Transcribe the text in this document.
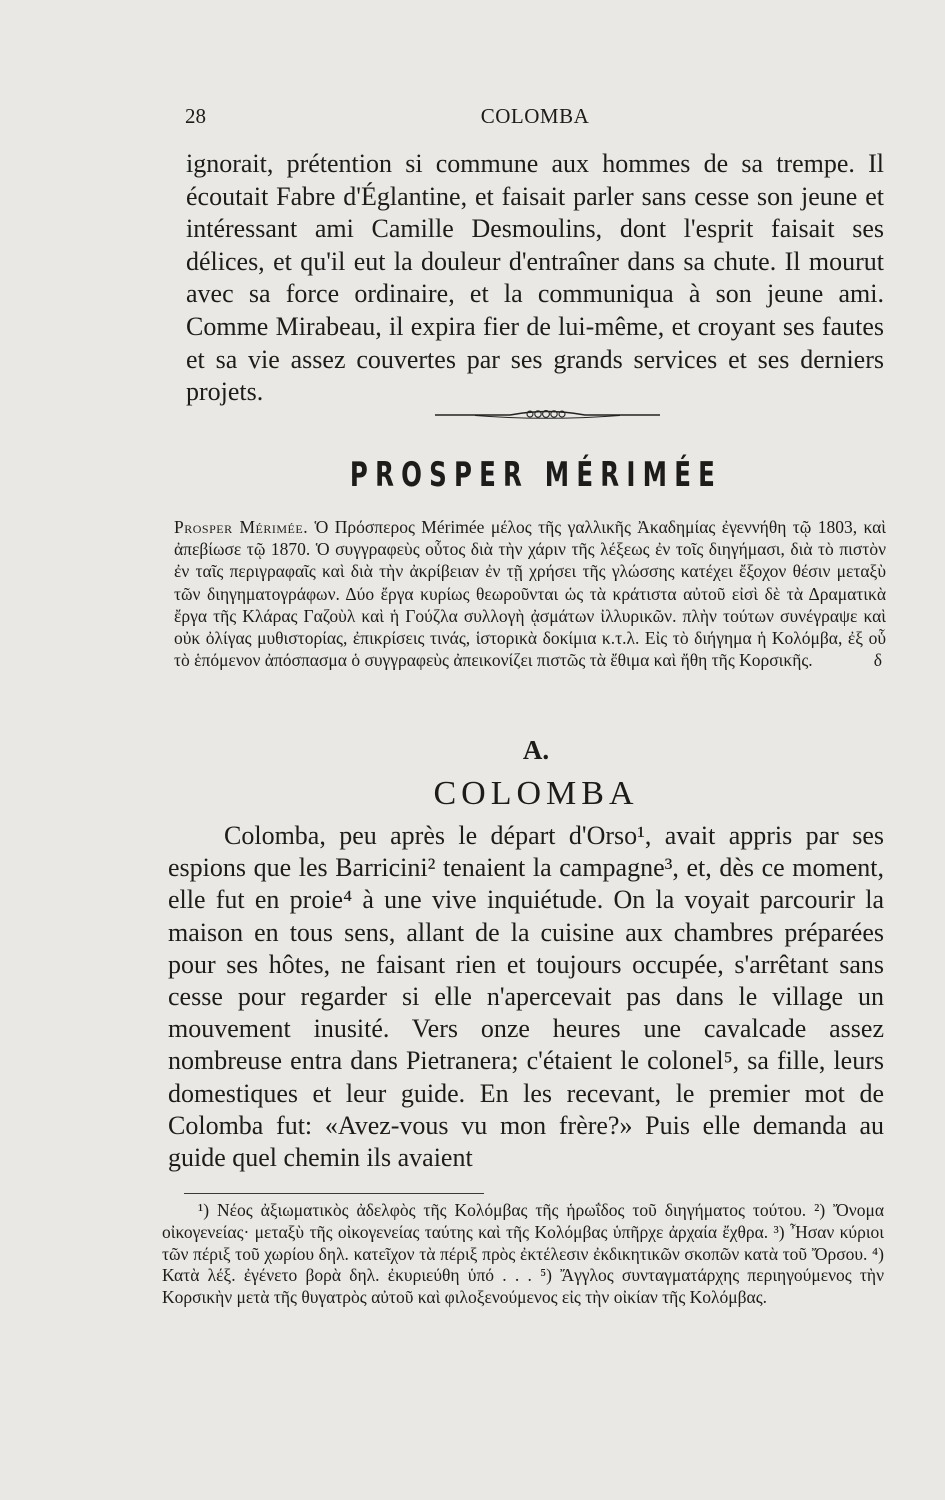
28	COLOMBA

ignorait, prétention si commune aux hommes de sa trempe. Il écoutait Fabre d'Églantine, et faisait parler sans cesse son jeune et intéressant ami Camille Desmoulins, dont l'esprit faisait ses délices, et qu'il eut la douleur d'entraîner dans sa chute. Il mourut avec sa force ordinaire, et la communiqua à son jeune ami. Comme Mirabeau, il expira fier de lui-même, et croyant ses fautes et sa vie assez couvertes par ses grands services et ses derniers projets.

PROSPER MÉRIMÉE

Prosper Mérimée. Ὁ Πρόσπερος Mérimée μέλος τῆς γαλλικῆς Ἀκαδημίας ἐγεννήθη τῷ 1803, καὶ ἀπεβίωσε τῷ 1870. Ὁ συγγραφεὺς οὗτος διὰ τὴν χάριν τῆς λέξεως ἐν τοῖς διηγήμασι, διὰ τὸ πιστὸν ἐν ταῖς περιγραφαῖς καὶ διὰ τὴν ἀκρίβειαν ἐν τῇ χρήσει τῆς γλώσσης κατέχει ἔξοχον θέσιν μεταξὺ τῶν διηγηματογράφων. Δύο ἔργα κυρίως θεωροῦνται ὡς τὰ κράτιστα αὐτοῦ εἰσὶ δὲ τὰ Δραματικὰ ἔργα τῆς Κλάρας Γαζοὺλ καὶ ἡ Γούζλα συλλογὴ ᾀσμάτων ἰλλυρικῶν. πλὴν τούτων συνέγραψε καὶ οὐκ ὀλίγας μυθιστορίας, ἐπικρίσεις τινάς, ἱστορικὰ δοκίμια κ.τ.λ. Εἰς τὸ διήγημα ἡ Κολόμβα, ἐξ οὗ τὸ ἑπόμενον ἀπόσπασμα ὁ συγγραφεὺς ἀπεικονίζει πιστῶς τὰ ἔθιμα καὶ ἤθη τῆς Κορσικῆς.	δ

A.
COLOMBA

Colomba, peu après le départ d'Orso¹, avait appris par ses espions que les Barricini² tenaient la campagne³, et, dès ce moment, elle fut en proie⁴ à une vive inquiétude. On la voyait parcourir la maison en tous sens, allant de la cuisine aux chambres préparées pour ses hôtes, ne faisant rien et toujours occupée, s'arrêtant sans cesse pour regarder si elle n'apercevait pas dans le village un mouvement inusité. Vers onze heures une cavalcade assez nombreuse entra dans Pietranera; c'étaient le colonel⁵, sa fille, leurs domestiques et leur guide. En les recevant, le premier mot de Colomba fut: «Avez-vous vu mon frère?» Puis elle demanda au guide quel chemin ils avaient

¹) Νέος ἀξιωματικὸς ἀδελφὸς τῆς Κολόμβας τῆς ἡρωΐδος τοῦ διηγήματος τούτου. ²) Ὄνομα οἰκογενείας· μεταξὺ τῆς οἰκογενείας ταύτης καὶ τῆς Κολόμβας ὑπῆρχε ἀρχαία ἔχθρα. ³) Ἦσαν κύριοι τῶν πέριξ τοῦ χωρίου δηλ. κατεῖχον τὰ πέριξ πρὸς ἐκτέλεσιν ἐκδικητικῶν σκοπῶν κατὰ τοῦ Ὄρσου. ⁴) Κατὰ λέξ. ἐγένετο βορὰ δηλ. ἐκυριεύθη ὑπό . . . ⁵) Ἄγγλος συνταγματάρχης περιηγούμενος τὴν Κορσικὴν μετὰ τῆς θυγατρὸς αὐτοῦ καὶ φιλοξενούμενος εἰς τὴν οἰκίαν τῆς Κολόμβας.
